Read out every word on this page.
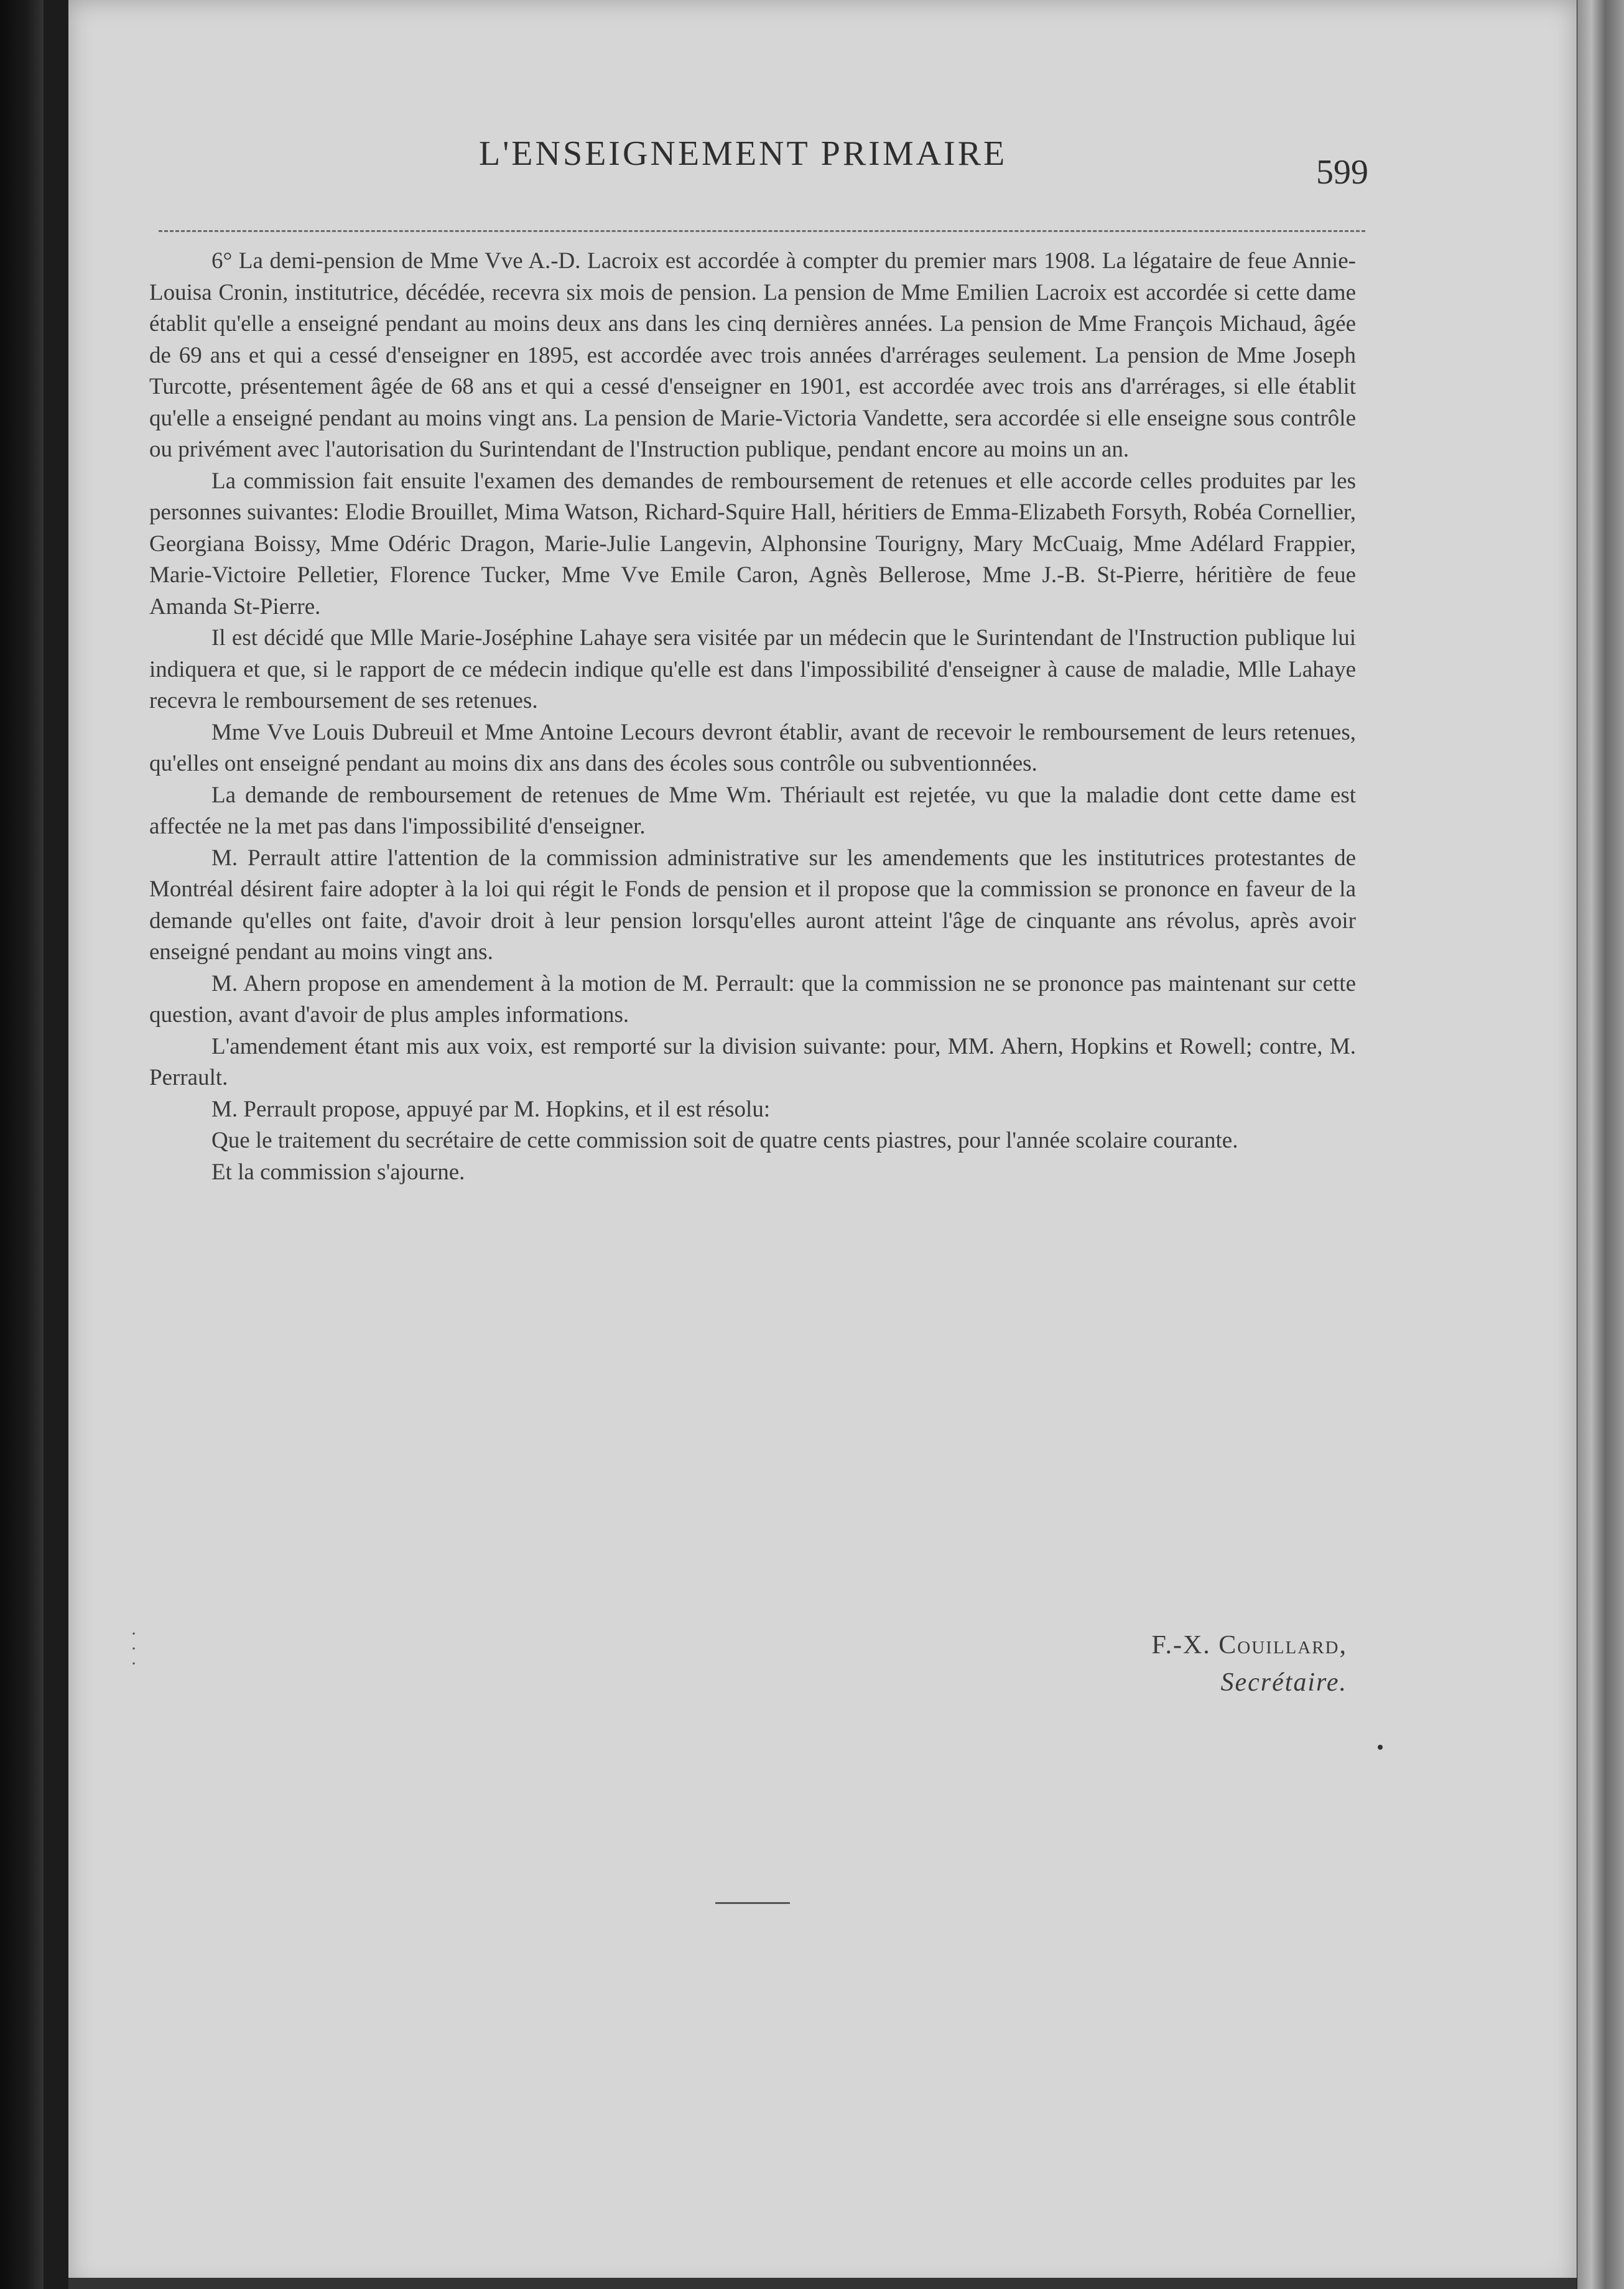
L'ENSEIGNEMENT PRIMAIRE	599

6° La demi-pension de Mme Vve A.-D. Lacroix est accordée à compter du premier mars 1908. La légataire de feue Annie-Louisa Cronin, institutrice, décédée, recevra six mois de pension. La pension de Mme Emilien Lacroix est accordée si cette dame établit qu'elle a enseigné pendant au moins deux ans dans les cinq dernières années. La pension de Mme François Michaud, âgée de 69 ans et qui a cessé d'enseigner en 1895, est accordée avec trois années d'arrérages seulement. La pension de Mme Joseph Turcotte, présentement âgée de 68 ans et qui a cessé d'enseigner en 1901, est accordée avec trois ans d'arrérages, si elle établit qu'elle a enseigné pendant au moins vingt ans. La pension de Marie-Victoria Vandette, sera accordée si elle enseigne sous contrôle ou privément avec l'autorisation du Surintendant de l'Instruction publique, pendant encore au moins un an.

La commission fait ensuite l'examen des demandes de remboursement de retenues et elle accorde celles produites par les personnes suivantes: Elodie Brouillet, Mima Watson, Richard-Squire Hall, héritiers de Emma-Elizabeth Forsyth, Robéa Cornellier, Georgiana Boissy, Mme Odéric Dragon, Marie-Julie Langevin, Alphonsine Tourigny, Mary McCuaig, Mme Adélard Frappier, Marie-Victoire Pelletier, Florence Tucker, Mme Vve Emile Caron, Agnès Bellerose, Mme J.-B. St-Pierre, héritière de feue Amanda St-Pierre.

Il est décidé que Mlle Marie-Joséphine Lahaye sera visitée par un médecin que le Surintendant de l'Instruction publique lui indiquera et que, si le rapport de ce médecin indique qu'elle est dans l'impossibilité d'enseigner à cause de maladie, Mlle Lahaye recevra le remboursement de ses retenues.

Mme Vve Louis Dubreuil et Mme Antoine Lecours devront établir, avant de recevoir le remboursement de leurs retenues, qu'elles ont enseigné pendant au moins dix ans dans des écoles sous contrôle ou subventionnées.

La demande de remboursement de retenues de Mme Wm. Thériault est rejetée, vu que la maladie dont cette dame est affectée ne la met pas dans l'impossibilité d'enseigner.

M. Perrault attire l'attention de la commission administrative sur les amendements que les institutrices protestantes de Montréal désirent faire adopter à la loi qui régit le Fonds de pension et il propose que la commission se prononce en faveur de la demande qu'elles ont faite, d'avoir droit à leur pension lorsqu'elles auront atteint l'âge de cinquante ans révolus, après avoir enseigné pendant au moins vingt ans.

M. Ahern propose en amendement à la motion de M. Perrault: que la commission ne se prononce pas maintenant sur cette question, avant d'avoir de plus amples informations.

L'amendement étant mis aux voix, est remporté sur la division suivante: pour, MM. Ahern, Hopkins et Rowell; contre, M. Perrault.

M. Perrault propose, appuyé par M. Hopkins, et il est résolu:

Que le traitement du secrétaire de cette commission soit de quatre cents piastres, pour l'année scolaire courante.

Et la commission s'ajourne.

·
·
·
F.-X. Couillard,
Secrétaire.
